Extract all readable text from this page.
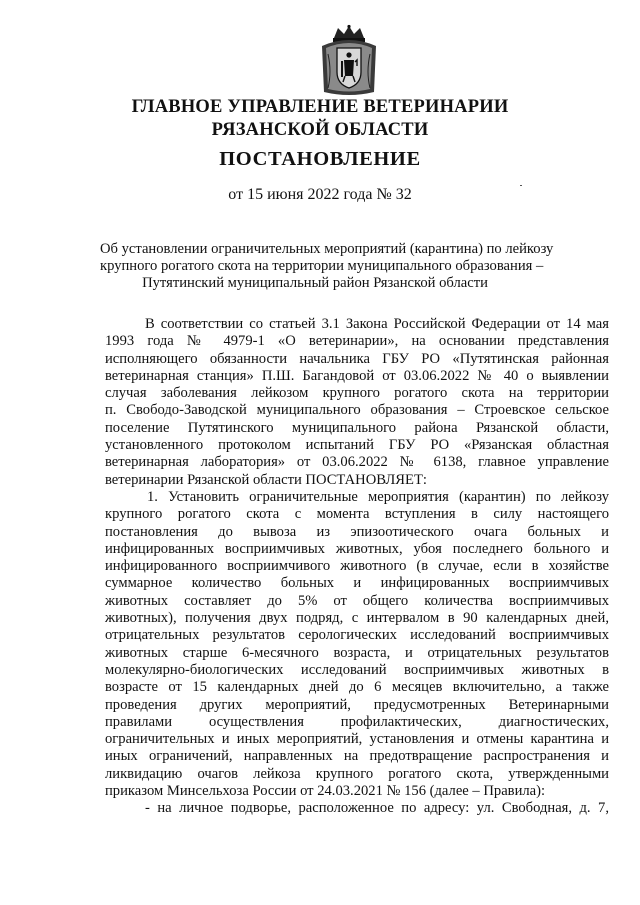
ГЛАВНОЕ УПРАВЛЕНИЕ ВЕТЕРИНАРИИ
РЯЗАНСКОЙ ОБЛАСТИ
ПОСТАНОВЛЕНИЕ
от 15 июня 2022 года № 32
Об установлении ограничительных мероприятий (карантина) по лейкозу
крупного рогатого скота на территории муниципального образования –
Путятинский муниципальный район Рязанской области
В соответствии со статьей 3.1 Закона Российской Федерации от 14 мая
1993 года № 4979-1 «О ветеринарии», на основании представления
исполняющего обязанности начальника ГБУ РО «Путятинская районная
ветеринарная станция» П.Ш. Багандовой от 03.06.2022 № 40 о выявлении
случая заболевания лейкозом крупного рогатого скота на территории
п. Свободо-Заводской муниципального образования – Строевское сельское
поселение Путятинского муниципального района Рязанской области,
установленного протоколом испытаний ГБУ РО «Рязанская областная
ветеринарная лаборатория» от 03.06.2022 № 6138, главное управление
ветеринарии Рязанской области ПОСТАНОВЛЯЕТ:
1. Установить ограничительные мероприятия (карантин) по лейкозу
крупного рогатого скота с момента вступления в силу настоящего
постановления до вывоза из эпизоотического очага больных и
инфицированных восприимчивых животных, убоя последнего больного и
инфицированного восприимчивого животного (в случае, если в хозяйстве
суммарное количество больных и инфицированных восприимчивых
животных составляет до 5% от общего количества восприимчивых
животных), получения двух подряд, с интервалом в 90 календарных дней,
отрицательных результатов серологических исследований восприимчивых
животных старше 6-месячного возраста, и отрицательных результатов
молекулярно-биологических исследований восприимчивых животных в
возрасте от 15 календарных дней до 6 месяцев включительно, а также
проведения других мероприятий, предусмотренных Ветеринарными
правилами осуществления профилактических, диагностических,
ограничительных и иных мероприятий, установления и отмены карантина и
иных ограничений, направленных на предотвращение распространения и
ликвидацию очагов лейкоза крупного рогатого скота, утвержденными
приказом Минсельхоза России от 24.03.2021 № 156 (далее – Правила):
- на личное подворье, расположенное по адресу: ул. Свободная, д. 7,
